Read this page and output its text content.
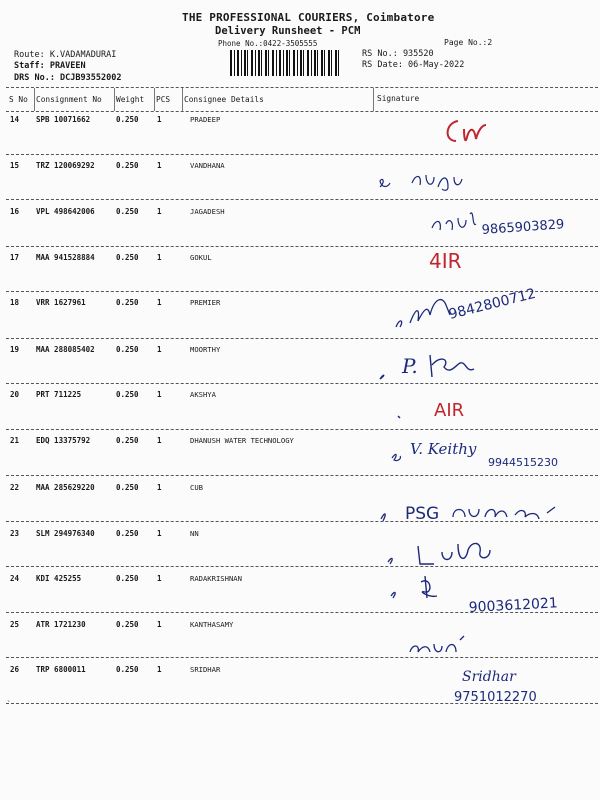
THE PROFESSIONAL COURIERS, Coimbatore
Delivery Runsheet - PCM
Phone No.:0422-3505555	Page No.:2
Route: K.VADAMADURAI
Staff: PRAVEEN
DRS No.: DCJB93552002
RS No.: 935520
RS Date: 06-May-2022
S No Consignment No Weight PCS Consignee Details	Signature
14 SPB 10071662	0.250 1	PRADEEP
15 TRZ 120069292	0.250 1	VANDHANA
16 VPL 498642006	0.250 1	JAGADESH
17 MAA 941528884	0.250 1	GOKUL
18 VRR 1627961	0.250 1	PREMIER
19 MAA 288085402	0.250 1	MOORTHY
20 PRT 711225	0.250 1	AKSHYA
21 EDQ 13375792	0.250 1	DHANUSH WATER TECHNOLOGY
22 MAA 285629220	0.250 1	CUB
23 SLM 294976340	0.250 1	NN
24 KDI 425255	0.250 1	RADAKRISHNAN
25 ATR 1721230	0.250 1	KANTHASAMY
26 TRP 6800011	0.250 1	SRIDHAR
9865903829
4IR
9842800712
P.
AIR
V. Keithy
9944515230
PSG
9003612021
Sridhar
9751012270
`
